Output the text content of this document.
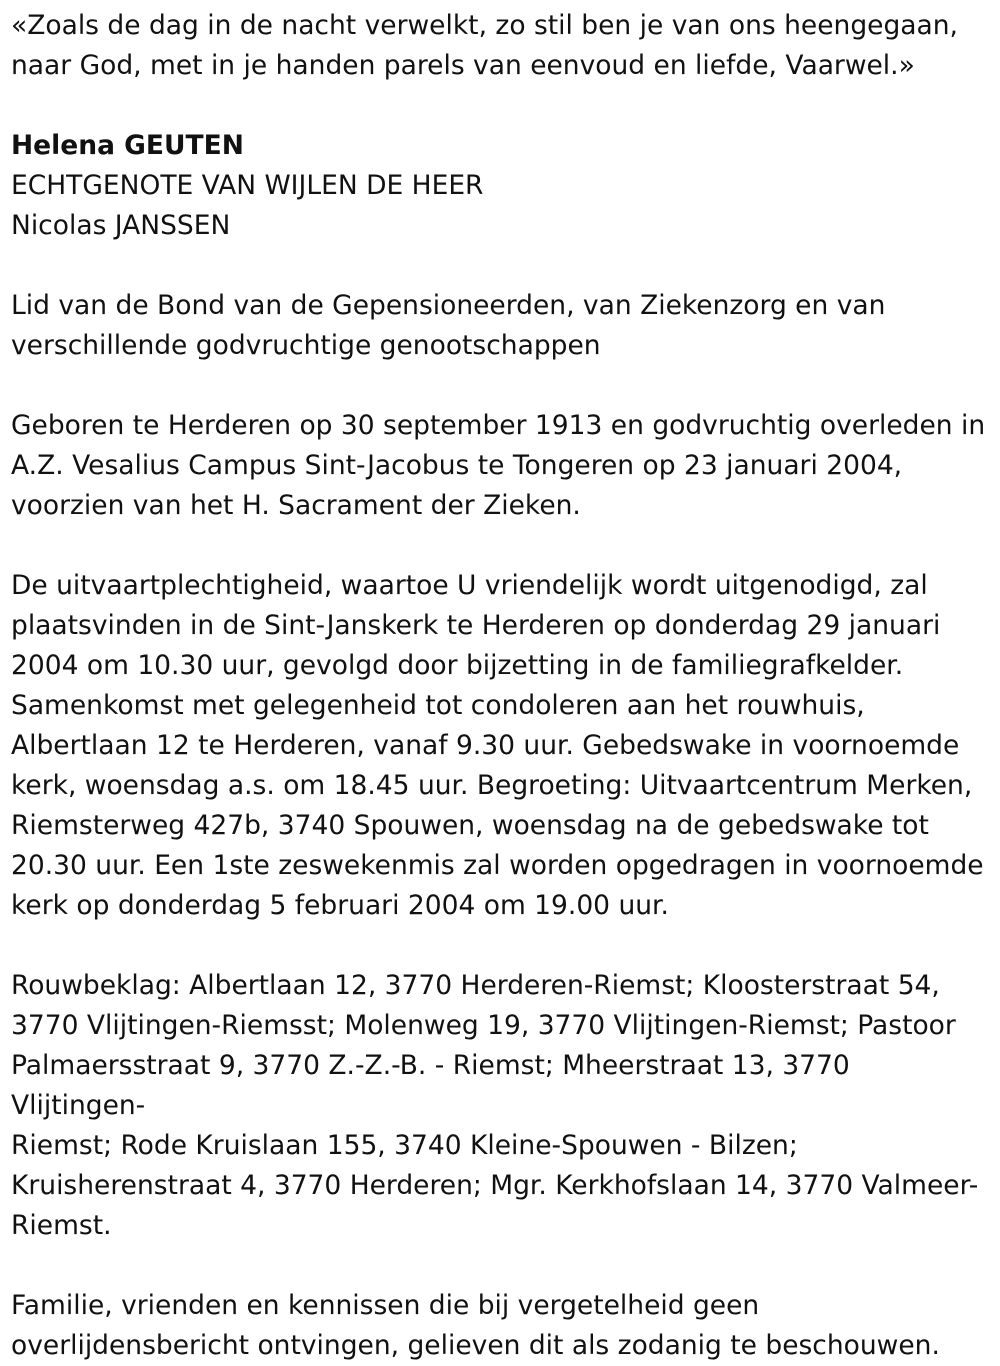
«Zoals de dag in de nacht verwelkt, zo stil ben je van ons heengegaan,
naar God, met in je handen parels van eenvoud en liefde, Vaarwel.»

Helena GEUTEN

ECHTGENOTE VAN WIJLEN DE HEER

Nicolas JANSSEN

Lid van de Bond van de Gepensioneerden, van Ziekenzorg en van
verschillende godvruchtige genootschappen

Geboren te Herderen op 30 september 1913 en godvruchtig overleden in
A.Z. Vesalius Campus Sint-Jacobus te Tongeren op 23 januari 2004,
voorzien van het H. Sacrament der Zieken.

De uitvaartplechtigheid, waartoe U vriendelijk wordt uitgenodigd, zal
plaatsvinden in de Sint-Janskerk te Herderen op donderdag 29 januari
2004 om 10.30 uur, gevolgd door bijzetting in de familiegrafkelder.
Samenkomst met gelegenheid tot condoleren aan het rouwhuis,
Albertlaan 12 te Herderen, vanaf 9.30 uur. Gebedswake in voornoemde
kerk, woensdag a.s. om 18.45 uur. Begroeting: Uitvaartcentrum Merken,
Riemsterweg 427b, 3740 Spouwen, woensdag na de gebedswake tot
20.30 uur. Een 1ste zeswekenmis zal worden opgedragen in voornoemde
kerk op donderdag 5 februari 2004 om 19.00 uur.

Rouwbeklag: Albertlaan 12, 3770 Herderen-Riemst; Kloosterstraat 54,
3770 Vlijtingen-Riemsst; Molenweg 19, 3770 Vlijtingen-Riemst; Pastoor
Palmaersstraat 9, 3770 Z.-Z.-B. - Riemst; Mheerstraat 13, 3770 Vlijtingen-
Riemst; Rode Kruislaan 155, 3740 Kleine-Spouwen - Bilzen;
Kruisherenstraat 4, 3770 Herderen; Mgr. Kerkhofslaan 14, 3770 Valmeer-
Riemst.

Familie, vrienden en kennissen die bij vergetelheid geen
overlijdensbericht ontvingen, gelieven dit als zodanig te beschouwen.
